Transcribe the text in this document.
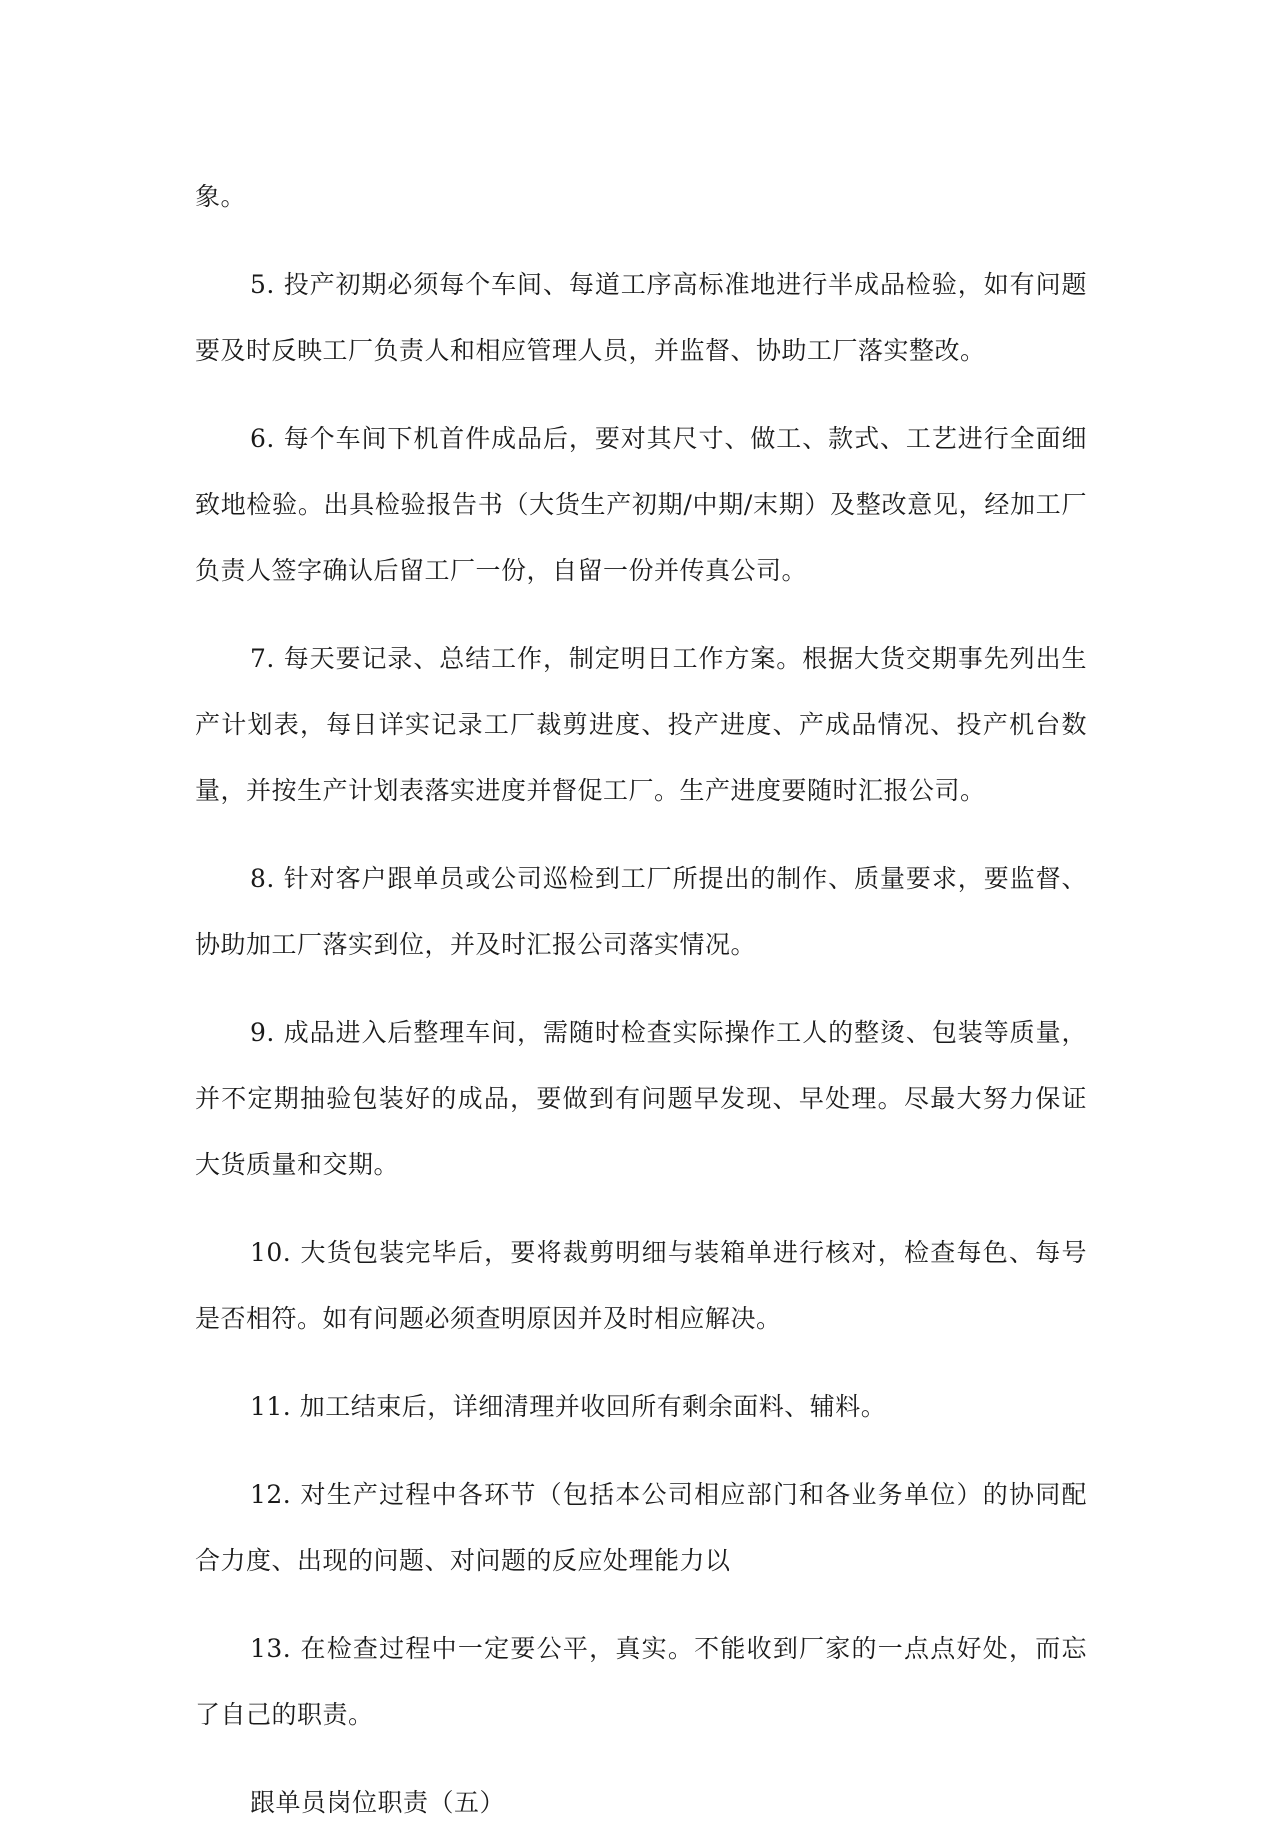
象。

5. 投产初期必须每个车间、每道工序高标准地进行半成品检验，如有问题要及时反映工厂负责人和相应管理人员，并监督、协助工厂落实整改。

6. 每个车间下机首件成品后，要对其尺寸、做工、款式、工艺进行全面细致地检验。出具检验报告书（大货生产初期/中期/末期）及整改意见，经加工厂负责人签字确认后留工厂一份，自留一份并传真公司。

7. 每天要记录、总结工作，制定明日工作方案。根据大货交期事先列出生产计划表，每日详实记录工厂裁剪进度、投产进度、产成品情况、投产机台数量，并按生产计划表落实进度并督促工厂。生产进度要随时汇报公司。

8. 针对客户跟单员或公司巡检到工厂所提出的制作、质量要求，要监督、协助加工厂落实到位，并及时汇报公司落实情况。

9. 成品进入后整理车间，需随时检查实际操作工人的整烫、包装等质量，并不定期抽验包装好的成品，要做到有问题早发现、早处理。尽最大努力保证大货质量和交期。

10. 大货包装完毕后，要将裁剪明细与装箱单进行核对，检查每色、每号是否相符。如有问题必须查明原因并及时相应解决。

11. 加工结束后，详细清理并收回所有剩余面料、辅料。

12. 对生产过程中各环节（包括本公司相应部门和各业务单位）的协同配合力度、出现的问题、对问题的反应处理能力以

13. 在检查过程中一定要公平，真实。不能收到厂家的一点点好处，而忘了自己的职责。

跟单员岗位职责（五）
